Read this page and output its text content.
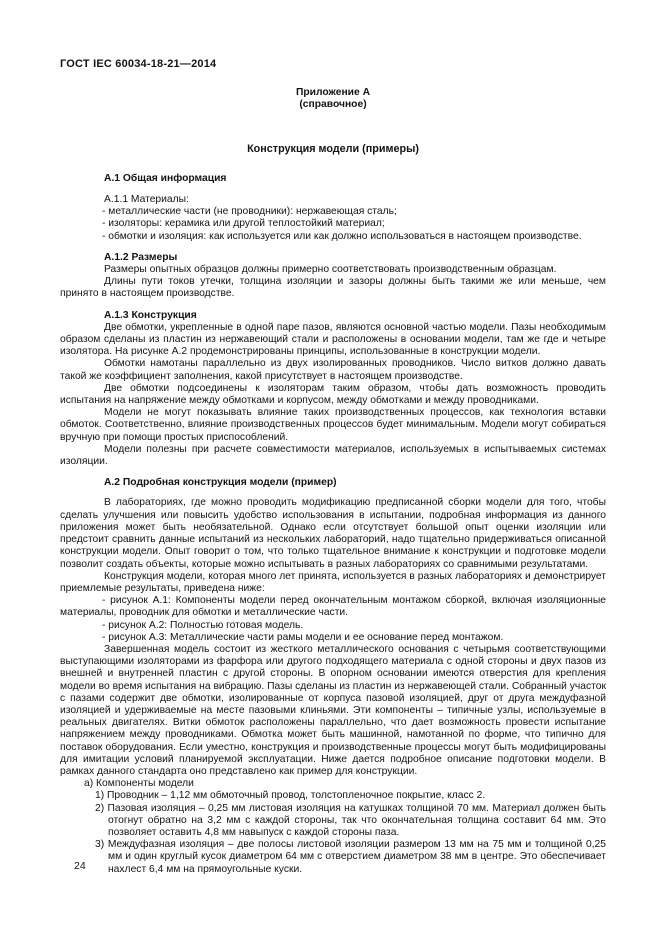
ГОСТ IEC 60034-18-21—2014
Приложение А
(справочное)
Конструкция модели (примеры)
А.1 Общая информация

А.1.1 Материалы:

- металлические части (не проводники): нержавеющая сталь;

- изоляторы: керамика или другой теплостойкий материал;

- обмотки и изоляция: как используется или как должно использоваться в настоящем производстве.

А.1.2 Размеры

Размеры опытных образцов должны примерно соответствовать производственным образцам.

Длины пути токов утечки, толщина изоляции и зазоры должны быть такими же или меньше, чем принято в настоящем производстве.

А.1.3 Конструкция

Две обмотки, укрепленные в одной паре пазов, являются основной частью модели. Пазы необходимым образом сделаны из пластин из нержавеющий стали и расположены в основании модели, там же где и четыре изолятора. На рисунке А.2 продемонстрированы принципы, использованные в конструкции модели.

Обмотки намотаны параллельно из двух изолированных проводников. Число витков должно давать такой же коэффициент заполнения, какой присутствует в настоящем производстве.

Две обмотки подсоединены к изоляторам таким образом, чтобы дать возможность проводить испытания на напряжение между обмотками и корпусом, между обмотками и между проводниками.

Модели не могут показывать влияние таких производственных процессов, как технология вставки обмоток. Соответственно, влияние производственных процессов будет минимальным. Модели могут собираться вручную при помощи простых приспособлений.

Модели полезны при расчете совместимости материалов, используемых в испытываемых системах изоляции.

А.2 Подробная конструкция модели (пример)

В лабораториях, где можно проводить модификацию предписанной сборки модели для того, чтобы сделать улучшения или повысить удобство использования в испытании, подробная информация из данного приложения может быть необязательной. Однако если отсутствует большой опыт оценки изоляции или предстоит сравнить данные испытаний из нескольких лабораторий, надо тщательно придерживаться описанной конструкции модели. Опыт говорит о том, что только тщательное внимание к конструкции и подготовке модели позволит создать объекты, которые можно испытывать в разных лабораториях со сравнимыми результатами.

Конструкция модели, которая много лет принята, используется в разных лабораториях и демонстрирует приемлемые результаты, приведена ниже:

- рисунок А.1: Компоненты модели перед окончательным монтажом сборкой, включая изоляционные материалы, проводник для обмотки и металлические части.

- рисунок А.2: Полностью готовая модель.

- рисунок А.3: Металлические части рамы модели и ее основание перед монтажом.

Завершенная модель состоит из жесткого металлического основания с четырьмя соответствующими выступающими изоляторами из фарфора или другого подходящего материала с одной стороны и двух пазов из внешней и внутренней пластин с другой стороны. В опорном основании имеются отверстия для крепления модели во время испытания на вибрацию. Пазы сделаны из пластин из нержавеющей стали. Собранный участок с пазами содержит две обмотки, изолированные от корпуса пазовой изоляцией, друг от друга междуфазной изоляцией и удерживаемые на месте пазовыми клиньями. Эти компоненты – типичные узлы, используемые в реальных двигателях. Витки обмоток расположены параллельно, что дает возможность провести испытание напряжением между проводниками. Обмотка может быть машинной, намотанной по форме, что типично для поставок оборудования. Если уместно, конструкция и производственные процессы могут быть модифицированы для имитации условий планируемой эксплуатации. Ниже дается подробное описание подготовки модели. В рамках данного стандарта оно представлено как пример для конструкции.

а) Компоненты модели

1) Проводник – 1,12 мм обмоточный провод, толстопленочное покрытие, класс 2.

2) Пазовая изоляция – 0,25 мм листовая изоляция на катушках толщиной 70 мм. Материал должен быть отогнут обратно на 3,2 мм с каждой стороны, так что окончательная толщина составит 64 мм. Это позволяет оставить 4,8 мм навыпуск с каждой стороны паза.

3) Междуфазная изоляция – две полосы листовой изоляции размером 13 мм на 75 мм и толщиной 0,25 мм и один круглый кусок диаметром 64 мм с отверстием диаметром 38 мм в центре. Это обеспечивает нахлест 6,4 мм на прямоугольные куски.

24
